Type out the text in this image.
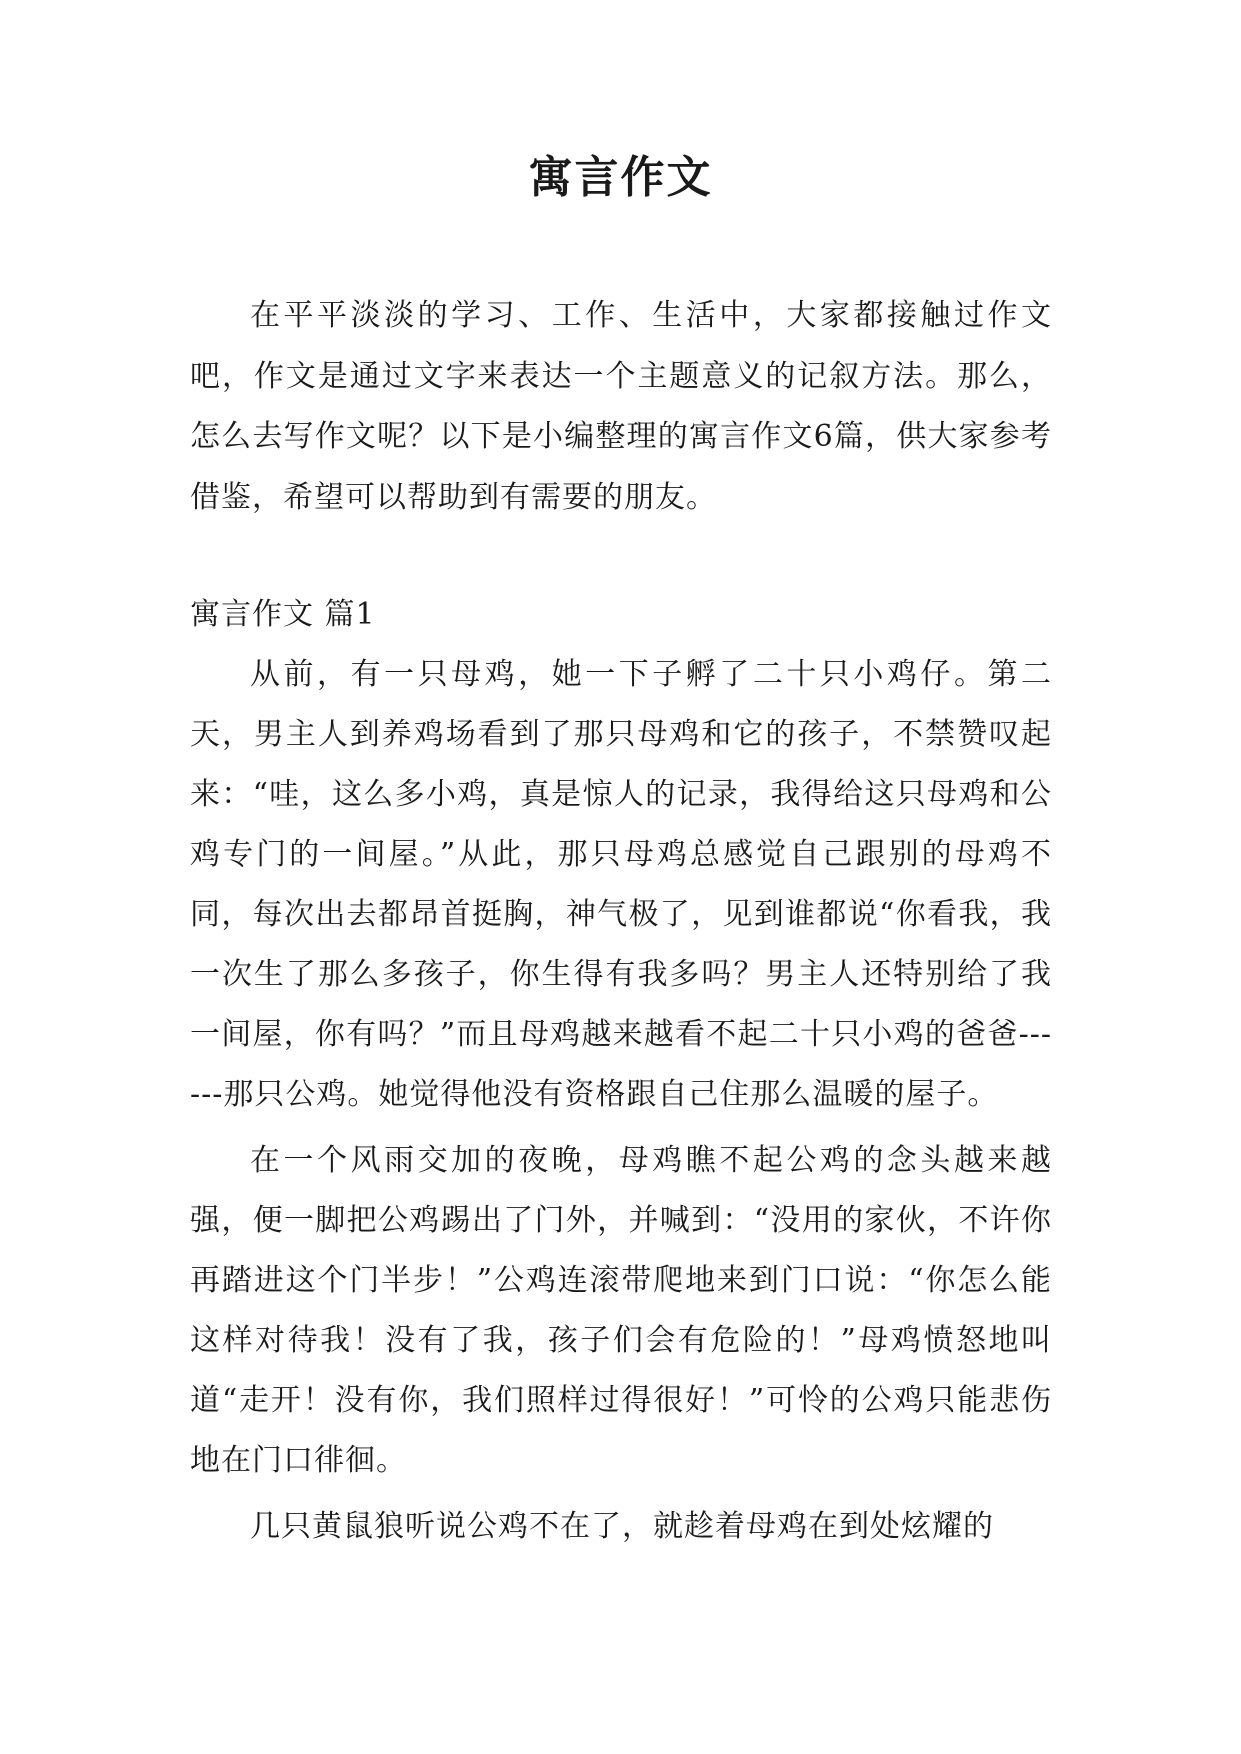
寓言作文

在平平淡淡的学习、工作、生活中，大家都接触过作文吧，作文是通过文字来表达一个主题意义的记叙方法。那么，怎么去写作文呢？以下是小编整理的寓言作文6篇，供大家参考借鉴，希望可以帮助到有需要的朋友。

寓言作文 篇1

从前，有一只母鸡，她一下子孵了二十只小鸡仔。第二天，男主人到养鸡场看到了那只母鸡和它的孩子，不禁赞叹起来：“哇，这么多小鸡，真是惊人的记录，我得给这只母鸡和公鸡专门的一间屋。”从此，那只母鸡总感觉自己跟别的母鸡不同，每次出去都昂首挺胸，神气极了，见到谁都说“你看我，我一次生了那么多孩子，你生得有我多吗？男主人还特别给了我一间屋，你有吗？”而且母鸡越来越看不起二十只小鸡的爸爸------那只公鸡。她觉得他没有资格跟自己住那么温暖的屋子。

在一个风雨交加的夜晚，母鸡瞧不起公鸡的念头越来越强，便一脚把公鸡踢出了门外，并喊到：“没用的家伙，不许你再踏进这个门半步！”公鸡连滚带爬地来到门口说：“你怎么能这样对待我！没有了我，孩子们会有危险的！”母鸡愤怒地叫道“走开！没有你，我们照样过得很好！”可怜的公鸡只能悲伤地在门口徘徊。

几只黄鼠狼听说公鸡不在了，就趁着母鸡在到处炫耀的
